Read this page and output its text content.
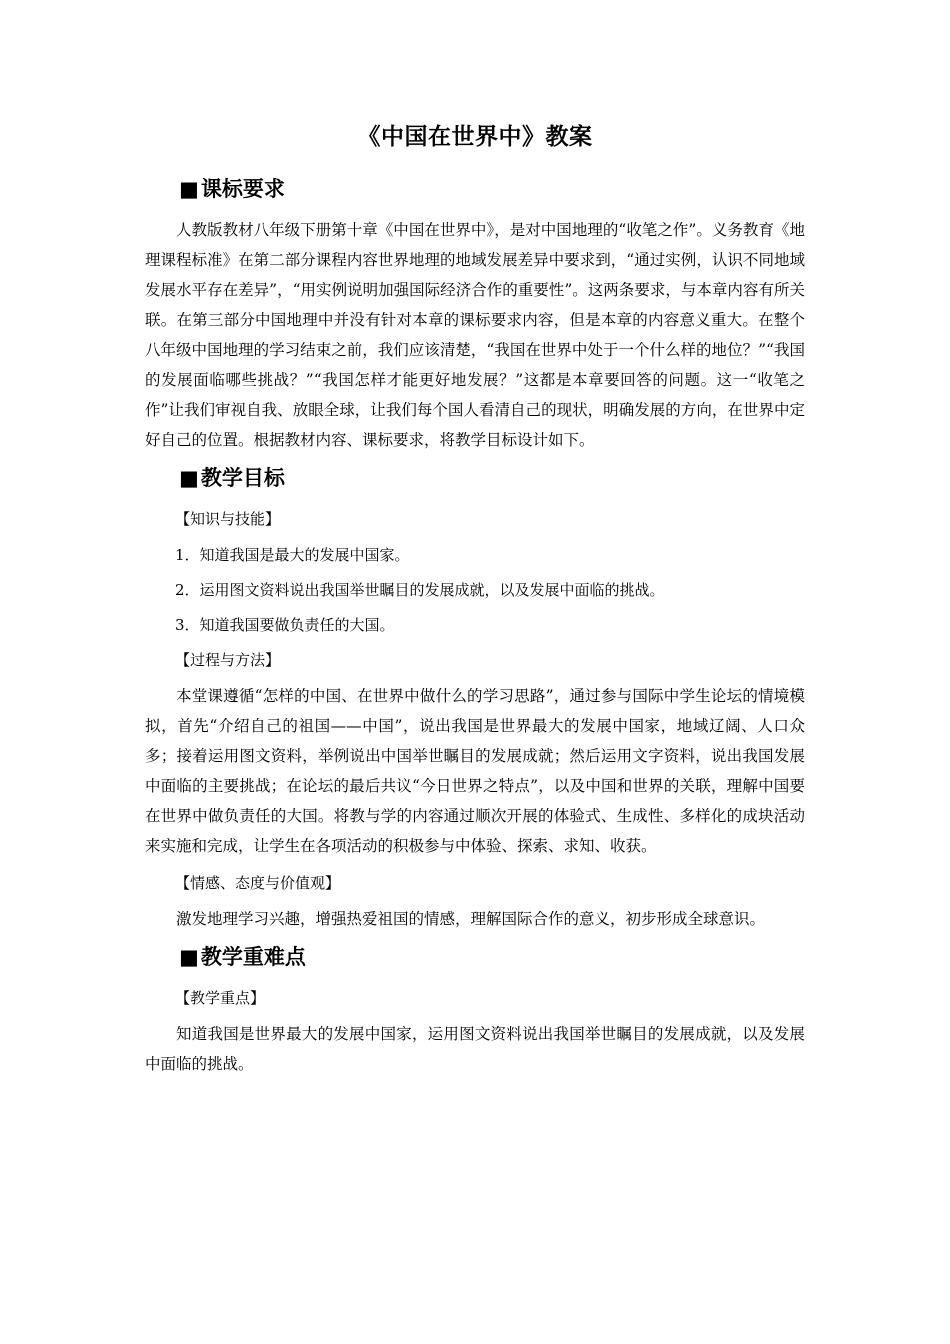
《中国在世界中》教案
■课标要求

人教版教材八年级下册第十章《中国在世界中》，是对中国地理的“收笔之作”。义务教育《地理课程标准》在第二部分课程内容世界地理的地域发展差异中要求到，“通过实例，认识不同地域发展水平存在差异”，“用实例说明加强国际经济合作的重要性”。这两条要求，与本章内容有所关联。在第三部分中国地理中并没有针对本章的课标要求内容，但是本章的内容意义重大。在整个八年级中国地理的学习结束之前，我们应该清楚，“我国在世界中处于一个什么样的地位？”“我国的发展面临哪些挑战？”“我国怎样才能更好地发展？”这都是本章要回答的问题。这一“收笔之作”让我们审视自我、放眼全球，让我们每个国人看清自己的现状，明确发展的方向，在世界中定好自己的位置。根据教材内容、课标要求，将教学目标设计如下。

■教学目标
【知识与技能】
1．知道我国是最大的发展中国家。
2．运用图文资料说出我国举世瞩目的发展成就，以及发展中面临的挑战。
3．知道我国要做负责任的大国。
【过程与方法】

本堂课遵循“怎样的中国、在世界中做什么的学习思路”，通过参与国际中学生论坛的情境模拟，首先“介绍自己的祖国——中国”，说出我国是世界最大的发展中国家，地域辽阔、人口众多；接着运用图文资料，举例说出中国举世瞩目的发展成就；然后运用文字资料，说出我国发展中面临的主要挑战；在论坛的最后共议“今日世界之特点”，以及中国和世界的关联，理解中国要在世界中做负责任的大国。将教与学的内容通过顺次开展的体验式、生成性、多样化的成块活动来实施和完成，让学生在各项活动的积极参与中体验、探索、求知、收获。

【情感、态度与价值观】

激发地理学习兴趣，增强热爱祖国的情感，理解国际合作的意义，初步形成全球意识。

■教学重难点
【教学重点】

知道我国是世界最大的发展中国家，运用图文资料说出我国举世瞩目的发展成就，以及发展中面临的挑战。
